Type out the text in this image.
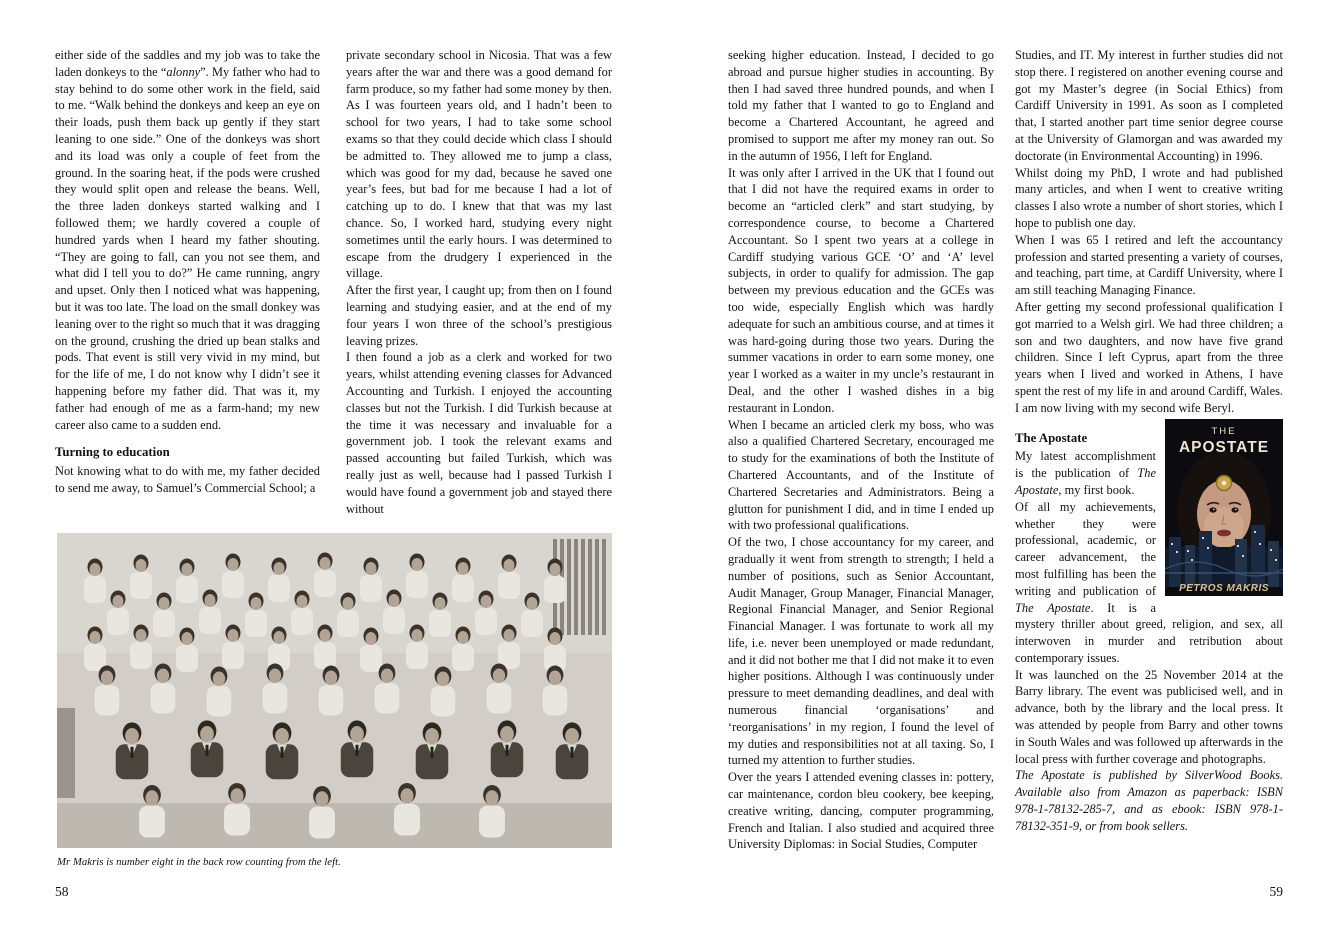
either side of the saddles and my job was to take the laden donkeys to the “alonny”. My father who had to stay behind to do some other work in the field, said to me. “Walk behind the donkeys and keep an eye on their loads, push them back up gently if they start leaning to one side.” One of the donkeys was short and its load was only a couple of feet from the ground. In the soaring heat, if the pods were crushed they would split open and release the beans. Well, the three laden donkeys started walking and I followed them; we hardly covered a couple of hundred yards when I heard my father shouting. “They are going to fall, can you not see them, and what did I tell you to do?” He came running, angry and upset. Only then I noticed what was happening, but it was too late. The load on the small donkey was leaning over to the right so much that it was dragging on the ground, crushing the dried up bean stalks and pods. That event is still very vivid in my mind, but for the life of me, I do not know why I didn’t see it happening before my father did. That was it, my father had enough of me as a farm-hand; my new career also came to a sudden end.

Turning to education

Not knowing what to do with me, my father decided to send me away, to Samuel’s Commercial School; a

private secondary school in Nicosia. That was a few years after the war and there was a good demand for farm produce, so my father had some money by then. As I was fourteen years old, and I hadn’t been to school for two years, I had to take some school exams so that they could decide which class I should be admitted to. They allowed me to jump a class, which was good for my dad, because he saved one year’s fees, but bad for me because I had a lot of catching up to do. I knew that that was my last chance. So, I worked hard, studying every night sometimes until the early hours. I was determined to escape from the drudgery I experienced in the village.

After the first year, I caught up; from then on I found learning and studying easier, and at the end of my four years I won three of the school’s prestigious leaving prizes.

I then found a job as a clerk and worked for two years, whilst attending evening classes for Advanced Accounting and Turkish. I enjoyed the accounting classes but not the Turkish. I did Turkish because at the time it was necessary and invaluable for a government job. I took the relevant exams and passed accounting but failed Turkish, which was really just as well, because had I passed Turkish I would have found a government job and stayed there without

Mr Makris is number eight in the back row counting from the left.

58

seeking higher education. Instead, I decided to go abroad and pursue higher studies in accounting. By then I had saved three hundred pounds, and when I told my father that I wanted to go to England and become a Chartered Accountant, he agreed and promised to support me after my money ran out. So in the autumn of 1956, I left for England.

It was only after I arrived in the UK that I found out that I did not have the required exams in order to become an “articled clerk” and start studying, by correspondence course, to become a Chartered Accountant. So I spent two years at a college in Cardiff studying various GCE ‘O’ and ‘A’ level subjects, in order to qualify for admission. The gap between my previous education and the GCEs was too wide, especially English which was hardly adequate for such an ambitious course, and at times it was hard-going during those two years. During the summer vacations in order to earn some money, one year I worked as a waiter in my uncle’s restaurant in Deal, and the other I washed dishes in a big restaurant in London.

When I became an articled clerk my boss, who was also a qualified Chartered Secretary, encouraged me to study for the examinations of both the Institute of Chartered Accountants, and of the Institute of Chartered Secretaries and Administrators. Being a glutton for punishment I did, and in time I ended up with two professional qualifications.

Of the two, I chose accountancy for my career, and gradually it went from strength to strength; I held a number of positions, such as Senior Accountant, Audit Manager, Group Manager, Financial Manager, Regional Financial Manager, and Senior Regional Financial Manager. I was fortunate to work all my life, i.e. never been unemployed or made redundant, and it did not bother me that I did not make it to even higher positions. Although I was continuously under pressure to meet demanding deadlines, and deal with numerous financial ‘organisations’ and ‘reorganisations’ in my region, I found the level of my duties and responsibilities not at all taxing. So, I turned my attention to further studies.

Over the years I attended evening classes in: pottery, car maintenance, cordon bleu cookery, bee keeping, creative writing, dancing, computer programming, French and Italian. I also studied and acquired three University Diplomas: in Social Studies, Computer

Studies, and IT. My interest in further studies did not stop there. I registered on another evening course and got my Master’s degree (in Social Ethics) from Cardiff University in 1991. As soon as I completed that, I started another part time senior degree course at the University of Glamorgan and was awarded my doctorate (in Environmental Accounting) in 1996.

Whilst doing my PhD, I wrote and had published many articles, and when I went to creative writing classes I also wrote a number of short stories, which I hope to publish one day.

When I was 65 I retired and left the accountancy profession and started presenting a variety of courses, and teaching, part time, at Cardiff University, where I am still teaching Managing Finance.

After getting my second professional qualification I got married to a Welsh girl. We had three children; a son and two daughters, and now have five grand children. Since I left Cyprus, apart from the three years when I lived and worked in Athens, I have spent the rest of my life in and around Cardiff, Wales. I am now living with my second wife Beryl.

THE
APOSTATE
PETROS MAKRIS
The Apostate

My latest accomplishment is the publication of The Apostate, my first book.

Of all my achievements, whether they were professional, academic, or career advancement, the most fulfilling has been the writing and publication of The Apostate. It is a mystery thriller about greed, religion, and sex, all interwoven in murder and retribution about contemporary issues.

It was launched on the 25 November 2014 at the Barry library. The event was publicised well, and in advance, both by the library and the local press. It was attended by people from Barry and other towns in South Wales and was followed up afterwards in the local press with further coverage and photographs.

The Apostate is published by SilverWood Books. Available also from Amazon as paperback: ISBN 978-1-78132-285-7, and as ebook: ISBN 978-1-78132-351-9, or from book sellers.

59
